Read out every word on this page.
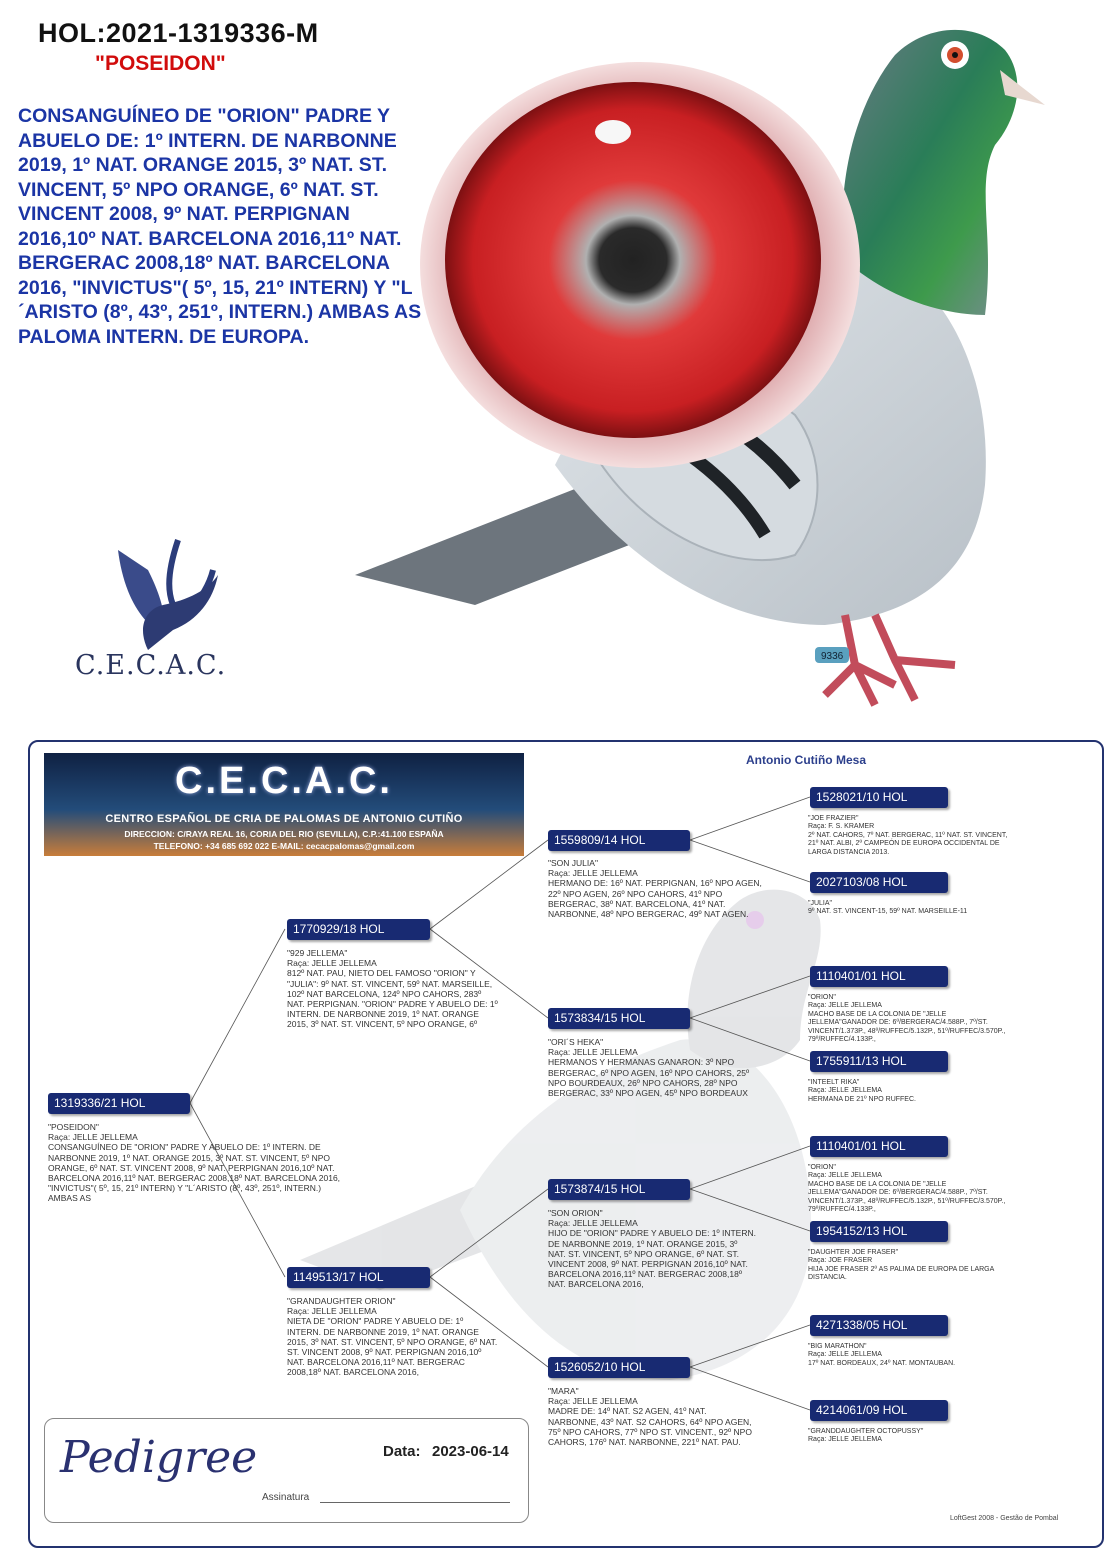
HOL:2021-1319336-M
"POSEIDON"
CONSANGUÍNEO DE "ORION" PADRE Y ABUELO DE: 1º INTERN. DE NARBONNE 2019, 1º NAT. ORANGE 2015, 3º NAT. ST. VINCENT, 5º NPO ORANGE, 6º NAT. ST. VINCENT 2008, 9º NAT. PERPIGNAN 2016,10º NAT. BARCELONA 2016,11º NAT. BERGERAC 2008,18º NAT. BARCELONA 2016, "INVICTUS"( 5º, 15, 21º INTERN) Y "L´ARISTO (8º, 43º, 251º, INTERN.) AMBAS AS PALOMA INTERN. DE EUROPA.
9336
C.E.C.A.C.
C.E.C.A.C.
CENTRO ESPAÑOL DE CRIA DE PALOMAS DE ANTONIO CUTIÑO
DIRECCION: C/RAYA REAL 16, CORIA DEL RIO (SEVILLA), C.P.:41.100 ESPAÑA
TELEFONO: +34 685 692 022 E-MAIL: cecacpalomas@gmail.com
Antonio Cutiño Mesa
1319336/21 HOL
"POSEIDON"
Raça: JELLE JELLEMA
CONSANGUÍNEO DE "ORION" PADRE Y ABUELO DE: 1º INTERN. DE NARBONNE 2019, 1º NAT. ORANGE 2015, 3º NAT. ST. VINCENT, 5º NPO ORANGE, 6º NAT. ST. VINCENT 2008, 9º NAT. PERPIGNAN 2016,10º NAT. BARCELONA 2016,11º NAT. BERGERAC 2008,18º NAT. BARCELONA 2016, "INVICTUS"( 5º, 15, 21º INTERN) Y "L´ARISTO (8º, 43º, 251º, INTERN.) AMBAS AS
1770929/18 HOL
"929 JELLEMA"
Raça: JELLE JELLEMA
812º NAT. PAU, NIETO DEL FAMOSO "ORION" Y "JULIA": 9º NAT. ST. VINCENT, 59º NAT. MARSEILLE, 102º NAT BARCELONA, 124º NPO CAHORS, 283º NAT. PERPIGNAN. "ORION" PADRE Y ABUELO DE: 1º INTERN. DE NARBONNE 2019, 1º NAT. ORANGE 2015, 3º NAT. ST. VINCENT, 5º NPO ORANGE, 6º
1149513/17 HOL
"GRANDAUGHTER ORION"
Raça: JELLE JELLEMA
NIETA DE "ORION" PADRE Y ABUELO DE: 1º INTERN. DE NARBONNE 2019, 1º NAT. ORANGE 2015, 3º NAT. ST. VINCENT, 5º NPO ORANGE, 6º NAT. ST. VINCENT 2008, 9º NAT. PERPIGNAN 2016,10º NAT. BARCELONA 2016,11º NAT. BERGERAC 2008,18º NAT. BARCELONA 2016,
1559809/14 HOL
"SON JULIA"
Raça: JELLE JELLEMA
HERMANO DE: 16º NAT. PERPIGNAN, 16º NPO AGEN, 22º NPO AGEN, 26º NPO CAHORS, 41º NPO BERGERAC, 38º NAT. BARCELONA, 41º NAT. NARBONNE, 48º NPO BERGERAC, 49º NAT AGEN.
1573834/15 HOL
"ORI´S HEKA"
Raça: JELLE JELLEMA
HERMANOS Y HERMANAS GANARON: 3º NPO BERGERAC, 6º NPO AGEN, 16º NPO CAHORS, 25º NPO BOURDEAUX, 26º NPO CAHORS, 28º NPO BERGERAC, 33º NPO AGEN, 45º NPO BORDEAUX
1573874/15 HOL
"SON ORION"
Raça: JELLE JELLEMA
HIJO DE "ORION" PADRE Y ABUELO DE: 1º INTERN. DE NARBONNE 2019, 1º NAT. ORANGE 2015, 3º NAT. ST. VINCENT, 5º NPO ORANGE, 6º NAT. ST. VINCENT 2008, 9º NAT. PERPIGNAN 2016,10º NAT. BARCELONA 2016,11º NAT. BERGERAC 2008,18º NAT. BARCELONA 2016,
1526052/10 HOL
"MARA"
Raça: JELLE JELLEMA
MADRE DE: 14º NAT. S2 AGEN, 41º NAT. NARBONNE, 43º NAT. S2 CAHORS, 64º NPO AGEN, 75º NPO CAHORS, 77º NPO ST. VINCENT., 92º NPO CAHORS, 176º NAT. NARBONNE, 221º NAT. PAU.
1528021/10 HOL
"JOE FRAZIER"
Raça: F. S. KRAMER
2º NAT. CAHORS, 7º NAT. BERGERAC, 11º NAT. ST. VINCENT, 21º NAT. ALBI, 2º CAMPEÓN DE EUROPA OCCIDENTAL DE LARGA DISTANCIA 2013.
2027103/08 HOL
"JULIA"
9º NAT. ST. VINCENT-15, 59º NAT. MARSEILLE-11
1110401/01 HOL
"ORION"
Raça: JELLE JELLEMA
MACHO BASE DE LA COLONIA DE "JELLE JELLEMA"GANADOR DE: 6º/BERGERAC/4.588P., 7º/ST. VINCENT/1.373P., 48º/RUFFEC/5.132P., 51º/RUFFEC/3.570P., 79º/RUFFEC/4.133P.,
1755911/13 HOL
"INTEELT RIKA"
Raça: JELLE JELLEMA
HERMANA DE 21º NPO RUFFEC.
1110401/01 HOL
"ORION"
Raça: JELLE JELLEMA
MACHO BASE DE LA COLONIA DE "JELLE JELLEMA"GANADOR DE: 6º/BERGERAC/4.588P., 7º/ST. VINCENT/1.373P., 48º/RUFFEC/5.132P., 51º/RUFFEC/3.570P., 79º/RUFFEC/4.133P.,
1954152/13 HOL
"DAUGHTER JOE FRASER"
Raça: JOE FRASER
HIJA JOE FRASER 2º AS PALIMA DE EUROPA DE LARGA DISTANCIA.
4271338/05 HOL
"BIG MARATHON"
Raça: JELLE JELLEMA
17º NAT. BORDEAUX, 24º NAT. MONTAUBAN.
4214061/09 HOL
"GRANDDAUGHTER OCTOPUSSY"
Raça: JELLE JELLEMA
Pedigree	Data: 2023-06-14
Assinatura
LoftGest 2008 - Gestão de Pombal
